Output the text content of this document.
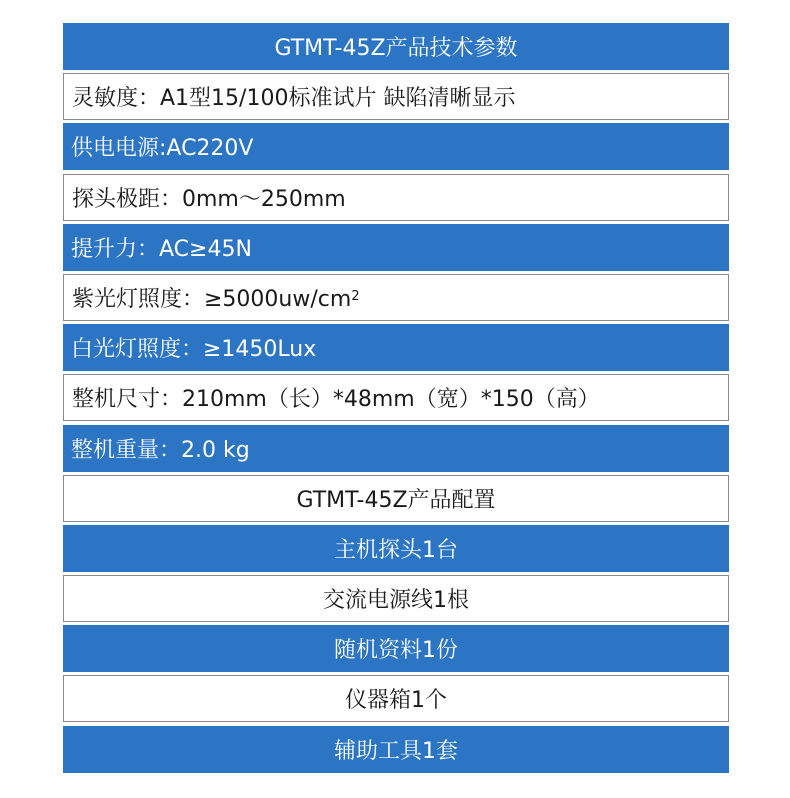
GTMT-45Z产品技术参数
灵敏度：A1型15/100标准试片 缺陷清晰显示
供电电源:AC220V
探头极距：0mm～250mm
提升力：AC≥45N
紫光灯照度：≥5000uw/cm 2
白光灯照度：≥1450Lux
整机尺寸：210mm（长）*48mm（宽）*150（高）
整机重量：2.0 kg
GTMT-45Z产品配置
主机探头1台
交流电源线1根
随机资料1份
仪器箱1个
辅助工具1套
